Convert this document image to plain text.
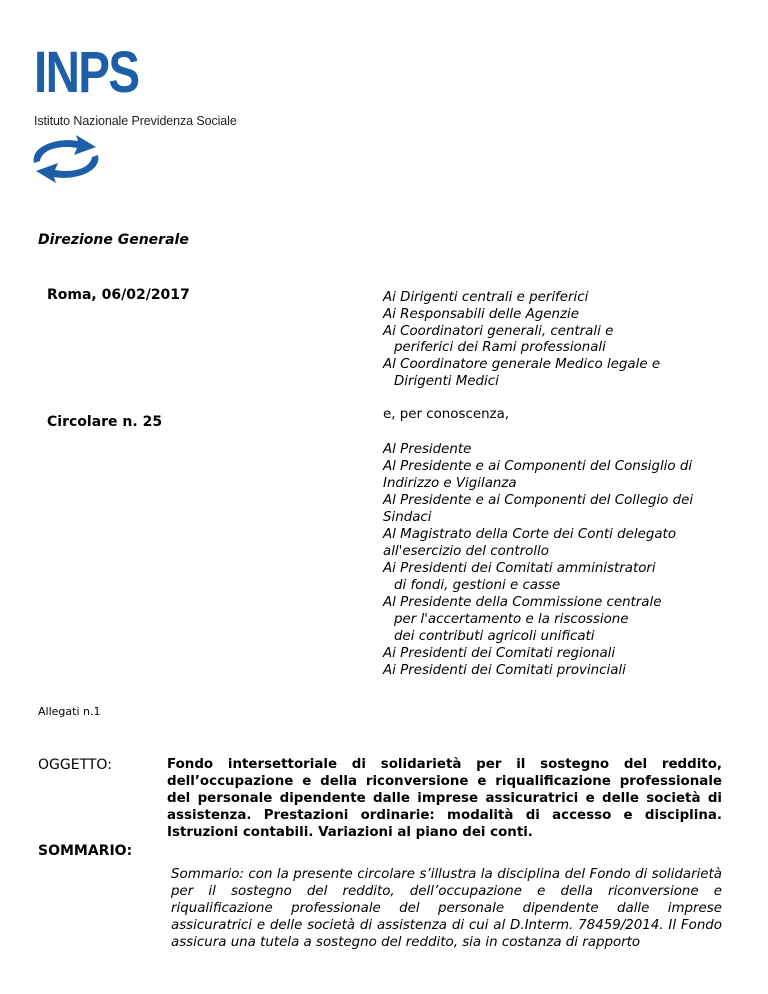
INPS
Istituto Nazionale Previdenza Sociale
Direzione Generale
Roma, 06/02/2017
Circolare n. 25
Ai Dirigenti centrali e periferici
Ai Responsabili delle Agenzie
Ai Coordinatori generali, centrali e
periferici dei Rami professionali
Al Coordinatore generale Medico legale e
Dirigenti Medici
e, per conoscenza,
Al Presidente
Al Presidente e ai Componenti del Consiglio di
Indirizzo e Vigilanza
Al Presidente e ai Componenti del Collegio dei
Sindaci
Al Magistrato della Corte dei Conti delegato
all'esercizio del controllo
Ai Presidenti dei Comitati amministratori
di fondi, gestioni e casse
Al Presidente della Commissione centrale
per l'accertamento e la riscossione
dei contributi agricoli unificati
Ai Presidenti dei Comitati regionali
Ai Presidenti dei Comitati provinciali
Allegati n.1
OGGETTO:	Fondo intersettoriale di solidarietà per il sostegno del reddito, dell’occupazione e della riconversione e riqualificazione professionale del personale dipendente dalle imprese assicuratrici e delle società di assistenza. Prestazioni ordinarie: modalità di accesso e disciplina. Istruzioni contabili. Variazioni al piano dei conti.
SOMMARIO:
Sommario: con la presente circolare s’illustra la disciplina del Fondo di solidarietà per il sostegno del reddito, dell’occupazione e della riconversione e riqualificazione professionale del personale dipendente dalle imprese assicuratrici e delle società di assistenza di cui al D.Interm. 78459/2014. Il Fondo assicura una tutela a sostegno del reddito, sia in costanza di rapporto
